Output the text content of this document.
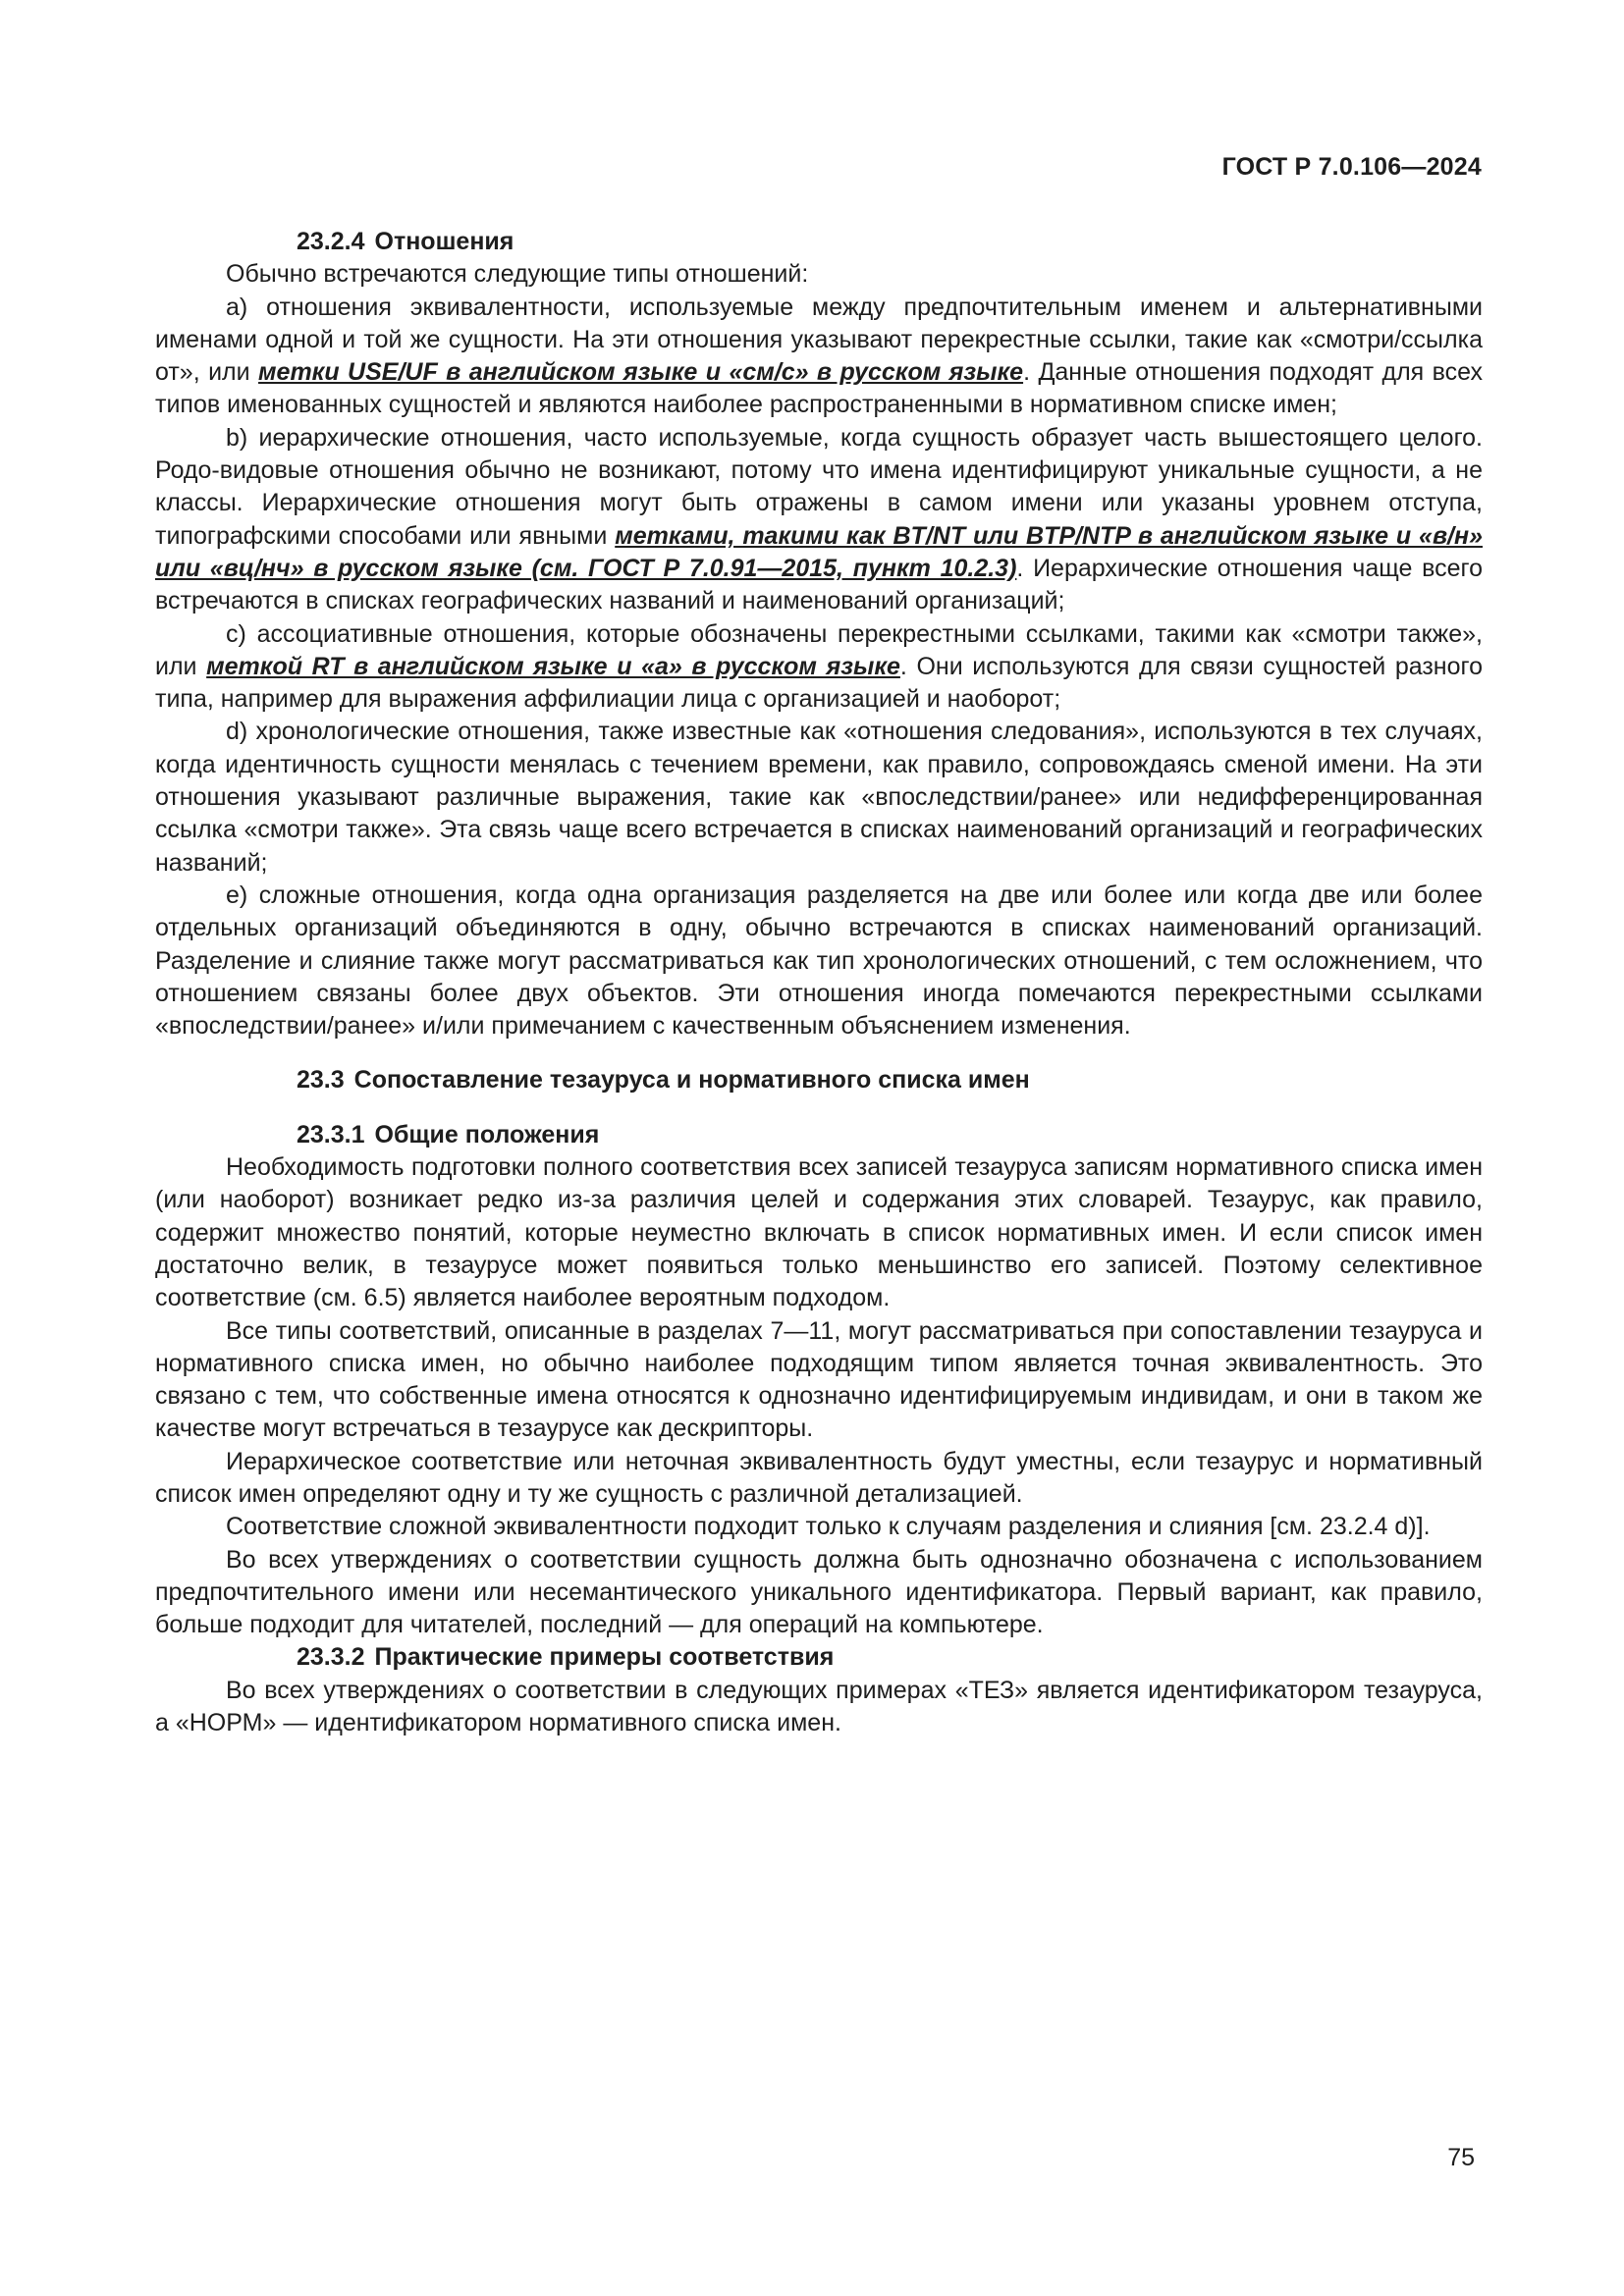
ГОСТ Р 7.0.106—2024

23.2.4 Отношения

Обычно встречаются следующие типы отношений:

а) отношения эквивалентности, используемые между предпочтительным именем и альтернативными именами одной и той же сущности. На эти отношения указывают перекрестные ссылки, такие как «смотри/ссылка от», или метки USE/UF в английском языке и «см/с» в русском языке. Данные отношения подходят для всех типов именованных сущностей и являются наиболее распространенными в нормативном списке имен;

b) иерархические отношения, часто используемые, когда сущность образует часть вышестоящего целого. Родо-видовые отношения обычно не возникают, потому что имена идентифицируют уникальные сущности, а не классы. Иерархические отношения могут быть отражены в самом имени или указаны уровнем отступа, типографскими способами или явными метками, такими как BT/NT или BTP/NTP в английском языке и «в/н» или «вц/нч» в русском языке (см. ГОСТ Р 7.0.91—2015, пункт 10.2.3). Иерархические отношения чаще всего встречаются в списках географических названий и наименований организаций;

с) ассоциативные отношения, которые обозначены перекрестными ссылками, такими как «смотри также», или меткой RT в английском языке и «а» в русском языке. Они используются для связи сущностей разного типа, например для выражения аффилиации лица с организацией и наоборот;

d) хронологические отношения, также известные как «отношения следования», используются в тех случаях, когда идентичность сущности менялась с течением времени, как правило, сопровождаясь сменой имени. На эти отношения указывают различные выражения, такие как «впоследствии/ранее» или недифференцированная ссылка «смотри также». Эта связь чаще всего встречается в списках наименований организаций и географических названий;

е) сложные отношения, когда одна организация разделяется на две или более или когда две или более отдельных организаций объединяются в одну, обычно встречаются в списках наименований организаций. Разделение и слияние также могут рассматриваться как тип хронологических отношений, с тем осложнением, что отношением связаны более двух объектов. Эти отношения иногда помечаются перекрестными ссылками «впоследствии/ранее» и/или примечанием с качественным объяснением изменения.

23.3 Сопоставление тезауруса и нормативного списка имен

23.3.1 Общие положения

Необходимость подготовки полного соответствия всех записей тезауруса записям нормативного списка имен (или наоборот) возникает редко из-за различия целей и содержания этих словарей. Тезаурус, как правило, содержит множество понятий, которые неуместно включать в список нормативных имен. И если список имен достаточно велик, в тезаурусе может появиться только меньшинство его записей. Поэтому селективное соответствие (см. 6.5) является наиболее вероятным подходом.

Все типы соответствий, описанные в разделах 7—11, могут рассматриваться при сопоставлении тезауруса и нормативного списка имен, но обычно наиболее подходящим типом является точная эквивалентность. Это связано с тем, что собственные имена относятся к однозначно идентифицируемым индивидам, и они в таком же качестве могут встречаться в тезаурусе как дескрипторы.

Иерархическое соответствие или неточная эквивалентность будут уместны, если тезаурус и нормативный список имен определяют одну и ту же сущность с различной детализацией.

Соответствие сложной эквивалентности подходит только к случаям разделения и слияния [см. 23.2.4 d)].

Во всех утверждениях о соответствии сущность должна быть однозначно обозначена с использованием предпочтительного имени или несемантического уникального идентификатора. Первый вариант, как правило, больше подходит для читателей, последний — для операций на компьютере.

23.3.2 Практические примеры соответствия

Во всех утверждениях о соответствии в следующих примерах «ТЕЗ» является идентификатором тезауруса, а «НОРМ» — идентификатором нормативного списка имен.

75
